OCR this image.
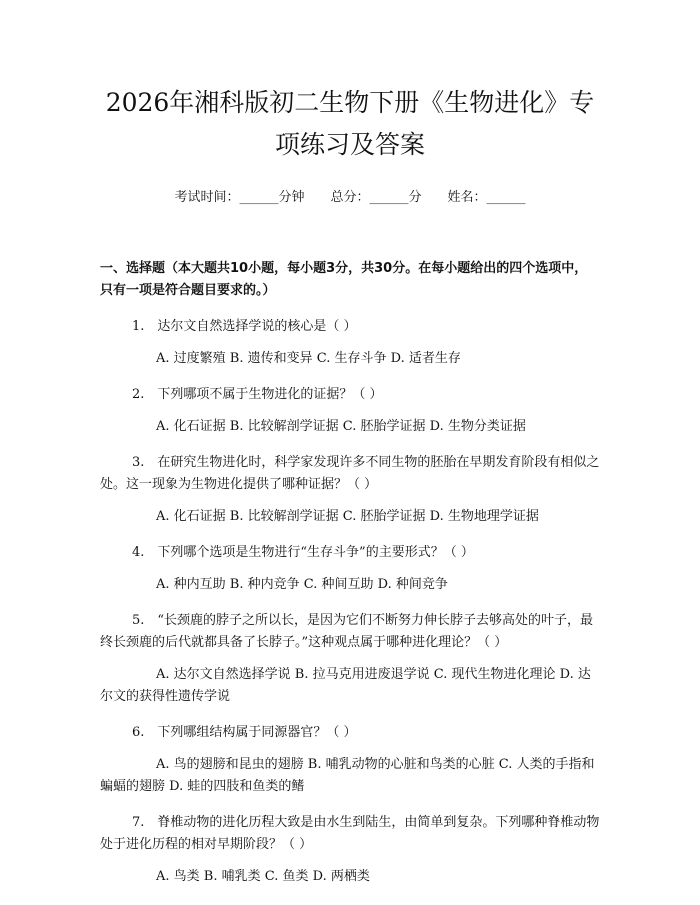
2026年湘科版初二生物下册《生物进化》专
项练习及答案
考试时间：______分钟 总分：______分 姓名：______
一、选择题（本大题共10小题，每小题3分，共30分。在每小题给出的四个选项中，只有一项是符合题目要求的。）

1.　达尔文自然选择学说的核心是（ ）

A. 过度繁殖 B. 遗传和变异 C. 生存斗争 D. 适者生存

2.　下列哪项不属于生物进化的证据？（ ）

A. 化石证据 B. 比较解剖学证据 C. 胚胎学证据 D. 生物分类证据

3.　在研究生物进化时，科学家发现许多不同生物的胚胎在早期发育阶段有相似之处。这一现象为生物进化提供了哪种证据？（ ）

A. 化石证据 B. 比较解剖学证据 C. 胚胎学证据 D. 生物地理学证据

4.　下列哪个选项是生物进行“生存斗争”的主要形式？（ ）

A. 种内互助 B. 种内竞争 C. 种间互助 D. 种间竞争

5.　“长颈鹿的脖子之所以长，是因为它们不断努力伸长脖子去够高处的叶子，最终长颈鹿的后代就都具备了长脖子。”这种观点属于哪种进化理论？（ ）

A. 达尔文自然选择学说 B. 拉马克用进废退学说 C. 现代生物进化理论 D. 达尔文的获得性遗传学说

6.　下列哪组结构属于同源器官？（ ）

A. 鸟的翅膀和昆虫的翅膀 B. 哺乳动物的心脏和鸟类的心脏 C. 人类的手指和蝙蝠的翅膀 D. 蛙的四肢和鱼类的鳍

7.　脊椎动物的进化历程大致是由水生到陆生，由简单到复杂。下列哪种脊椎动物处于进化历程的相对早期阶段？（ ）

A. 鸟类 B. 哺乳类 C. 鱼类 D. 两栖类
